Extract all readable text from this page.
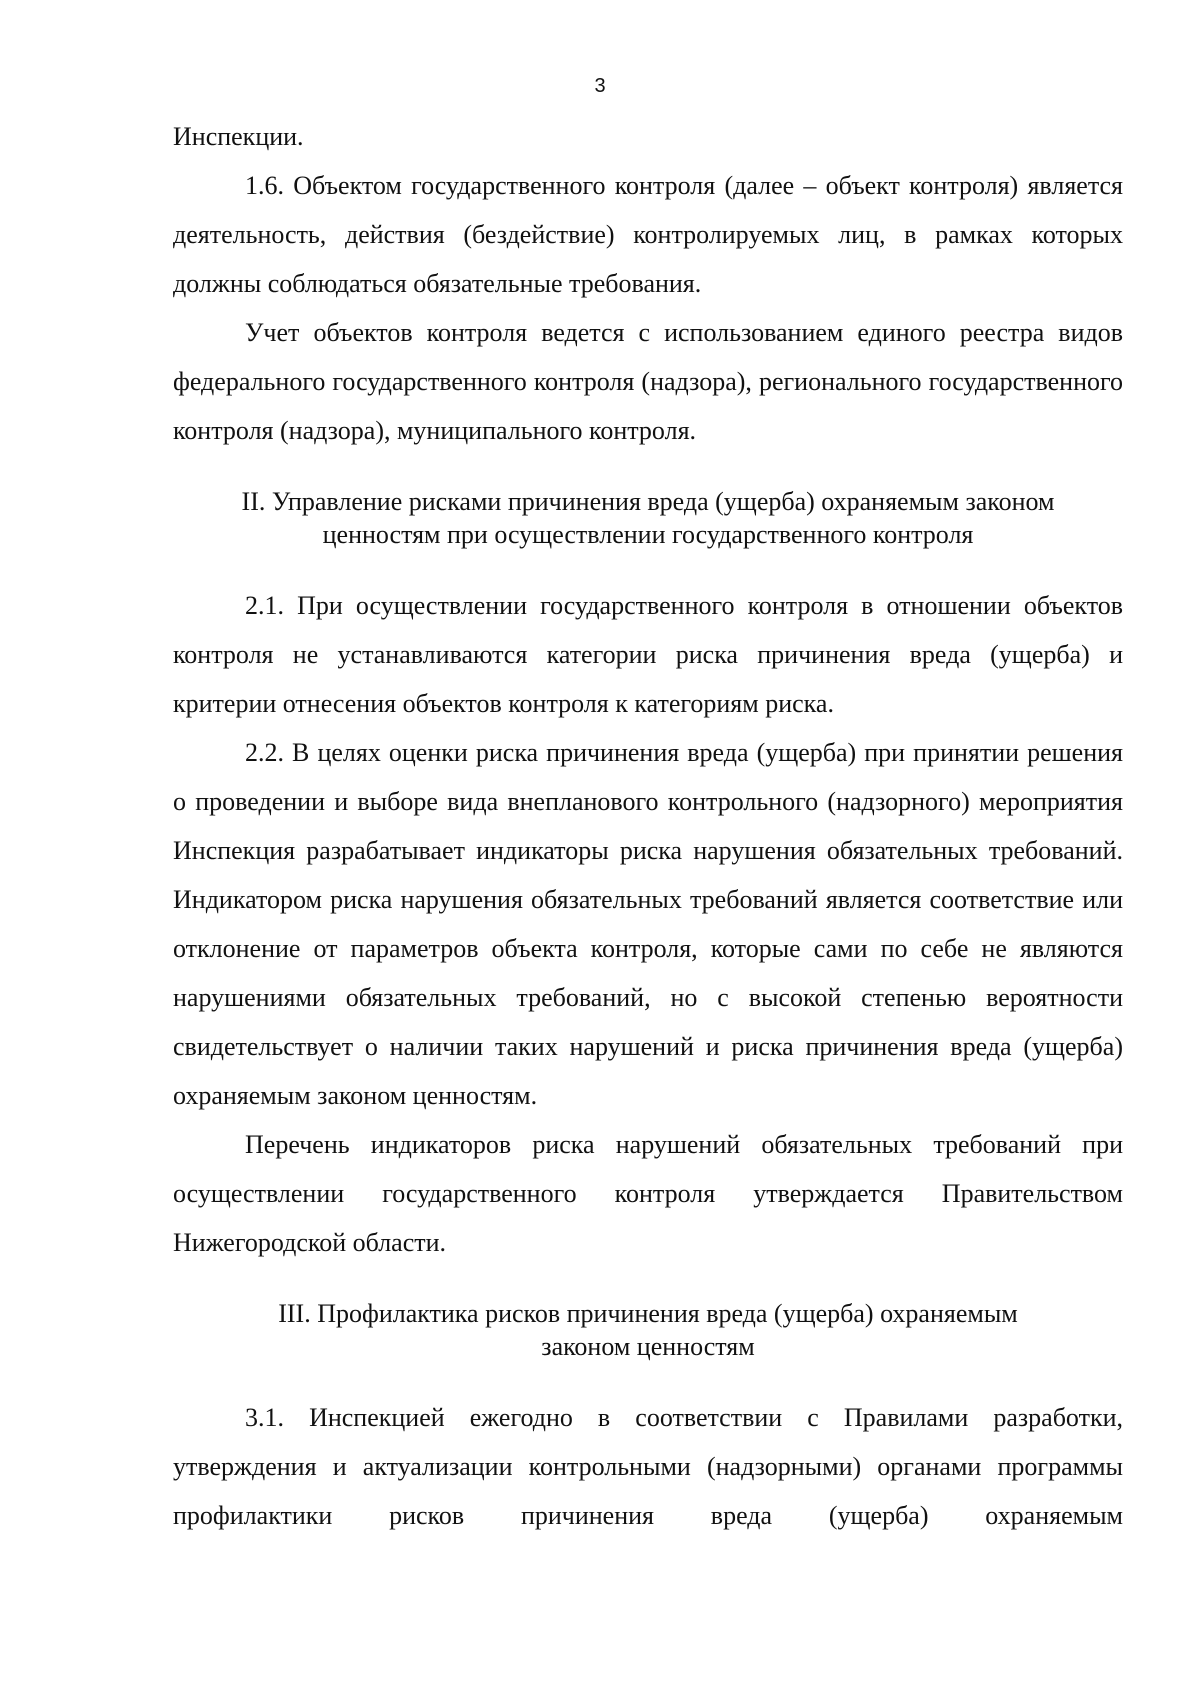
3

Инспекции.

1.6. Объектом государственного контроля (далее – объект контроля) является деятельность, действия (бездействие) контролируемых лиц, в рамках которых должны соблюдаться обязательные требования.

Учет объектов контроля ведется с использованием единого реестра видов федерального государственного контроля (надзора), регионального государственного контроля (надзора), муниципального контроля.

II. Управление рисками причинения вреда (ущерба) охраняемым законом
ценностям при осуществлении государственного контроля

2.1. При осуществлении государственного контроля в отношении объектов контроля не устанавливаются категории риска причинения вреда (ущерба) и критерии отнесения объектов контроля к категориям риска.

2.2. В целях оценки риска причинения вреда (ущерба) при принятии решения о проведении и выборе вида внепланового контрольного (надзорного) мероприятия Инспекция разрабатывает индикаторы риска нарушения обязательных требований. Индикатором риска нарушения обязательных требований является соответствие или отклонение от параметров объекта контроля, которые сами по себе не являются нарушениями обязательных требований, но с высокой степенью вероятности свидетельствует о наличии таких нарушений и риска причинения вреда (ущерба) охраняемым законом ценностям.

Перечень индикаторов риска нарушений обязательных требований при осуществлении государственного контроля утверждается Правительством Нижегородской области.

III. Профилактика рисков причинения вреда (ущерба) охраняемым
законом ценностям

3.1. Инспекцией ежегодно в соответствии с Правилами разработки, утверждения и актуализации контрольными (надзорными) органами программы профилактики рисков причинения вреда (ущерба) охраняемым
